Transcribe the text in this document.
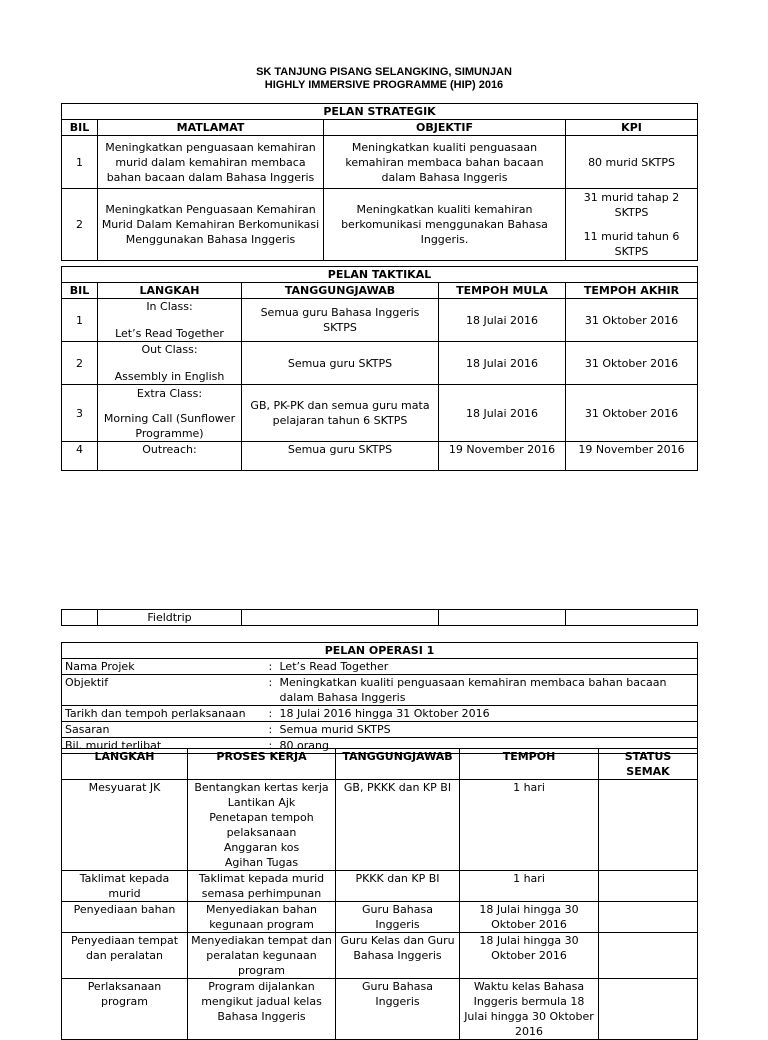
SK TANJUNG PISANG SELANGKING, SIMUNJAN
HIGHLY IMMERSIVE PROGRAMME (HIP) 2016
PELAN STRATEGIK			
BIL	MATLAMAT	OBJEKTIF	KPI
1	Meningkatkan penguasaan kemahiran murid dalam kemahiran membaca bahan bacaan dalam Bahasa Inggeris	Meningkatkan kualiti penguasaan kemahiran membaca bahan bacaan dalam Bahasa Inggeris	80 murid SKTPS
2	Meningkatkan Penguasaan Kemahiran Murid Dalam Kemahiran Berkomunikasi Menggunakan Bahasa Inggeris	Meningkatkan kualiti kemahiran berkomunikasi menggunakan Bahasa Inggeris.	31 murid tahap 2 SKTPS
11 murid tahun 6 SKTPS
PELAN TAKTIKAL				
BIL	LANGKAH	TANGGUNGJAWAB	TEMPOH MULA	TEMPOH AKHIR
1	In Class:
Let’s Read Together	Semua guru Bahasa Inggeris SKTPS	18 Julai 2016	31 Oktober 2016
2	Out Class:
Assembly in English	Semua guru SKTPS	18 Julai 2016	31 Oktober 2016
3	Extra Class:
Morning Call (Sunflower Programme)	GB, PK-PK dan semua guru mata pelajaran tahun 6 SKTPS	18 Julai 2016	31 Oktober 2016
4	Outreach:	Semua guru SKTPS	19 November 2016	19 November 2016
	Fieldtrip			
PELAN OPERASI 1		
Nama Projek	:	Let’s Read Together
Objektif	:	Meningkatkan kualiti penguasaan kemahiran membaca bahan bacaan dalam Bahasa Inggeris
Tarikh dan tempoh perlaksanaan	:	18 Julai 2016 hingga 31 Oktober 2016
Sasaran	:	Semua murid SKTPS
Bil. murid terlibat	:	80 orang
LANGKAH	PROSES KERJA	TANGGUNGJAWAB	TEMPOH	STATUS SEMAK
Mesyuarat JK	Bentangkan kertas kerja
Lantikan Ajk
Penetapan tempoh pelaksanaan
Anggaran kos
Agihan Tugas	GB, PKKK dan KP BI	1 hari	
Taklimat kepada murid	Taklimat kepada murid semasa perhimpunan	PKKK dan KP BI	1 hari	
Penyediaan bahan	Menyediakan bahan kegunaan program	Guru Bahasa Inggeris	18 Julai hingga 30 Oktober 2016	
Penyediaan tempat dan peralatan	Menyediakan tempat dan peralatan kegunaan program	Guru Kelas dan Guru Bahasa Inggeris	18 Julai hingga 30 Oktober 2016	
Perlaksanaan program	Program dijalankan mengikut jadual kelas Bahasa Inggeris	Guru Bahasa Inggeris	Waktu kelas Bahasa Inggeris bermula 18 Julai hingga 30 Oktober 2016	
